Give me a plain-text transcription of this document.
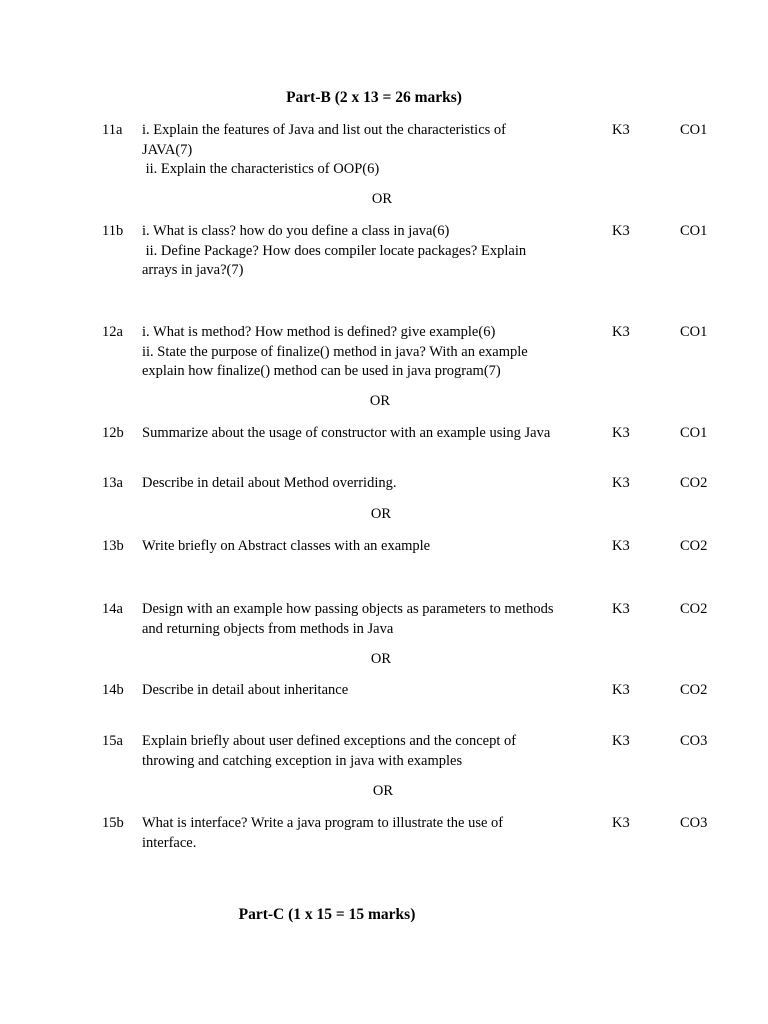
Part-B (2 x 13 = 26 marks)
11a i. Explain the features of Java and list out the characteristics of
JAVA(7)
ii. Explain the characteristics of OOP(6)
K3	CO1
OR
11b i. What is class? how do you define a class in java(6)
ii. Define Package? How does compiler locate packages? Explain
arrays in java?(7)
K3	CO1
12a i. What is method? How method is defined? give example(6)
ii. State the purpose of finalize() method in java? With an example
explain how finalize() method can be used in java program(7)
K3	CO1
OR
12b Summarize about the usage of constructor with an example using Java	K3	CO1
13a Describe in detail about Method overriding.	K3	CO2
OR
13b Write briefly on Abstract classes with an example	K3	CO2
14a Design with an example how passing objects as parameters to methods
and returning objects from methods in Java
K3	CO2
OR
14b Describe in detail about inheritance	K3	CO2
15a Explain briefly about user defined exceptions and the concept of
throwing and catching exception in java with examples
K3	CO3
OR
15b What is interface? Write a java program to illustrate the use of
interface.
K3	CO3
Part-C (1 x 15 = 15 marks)
